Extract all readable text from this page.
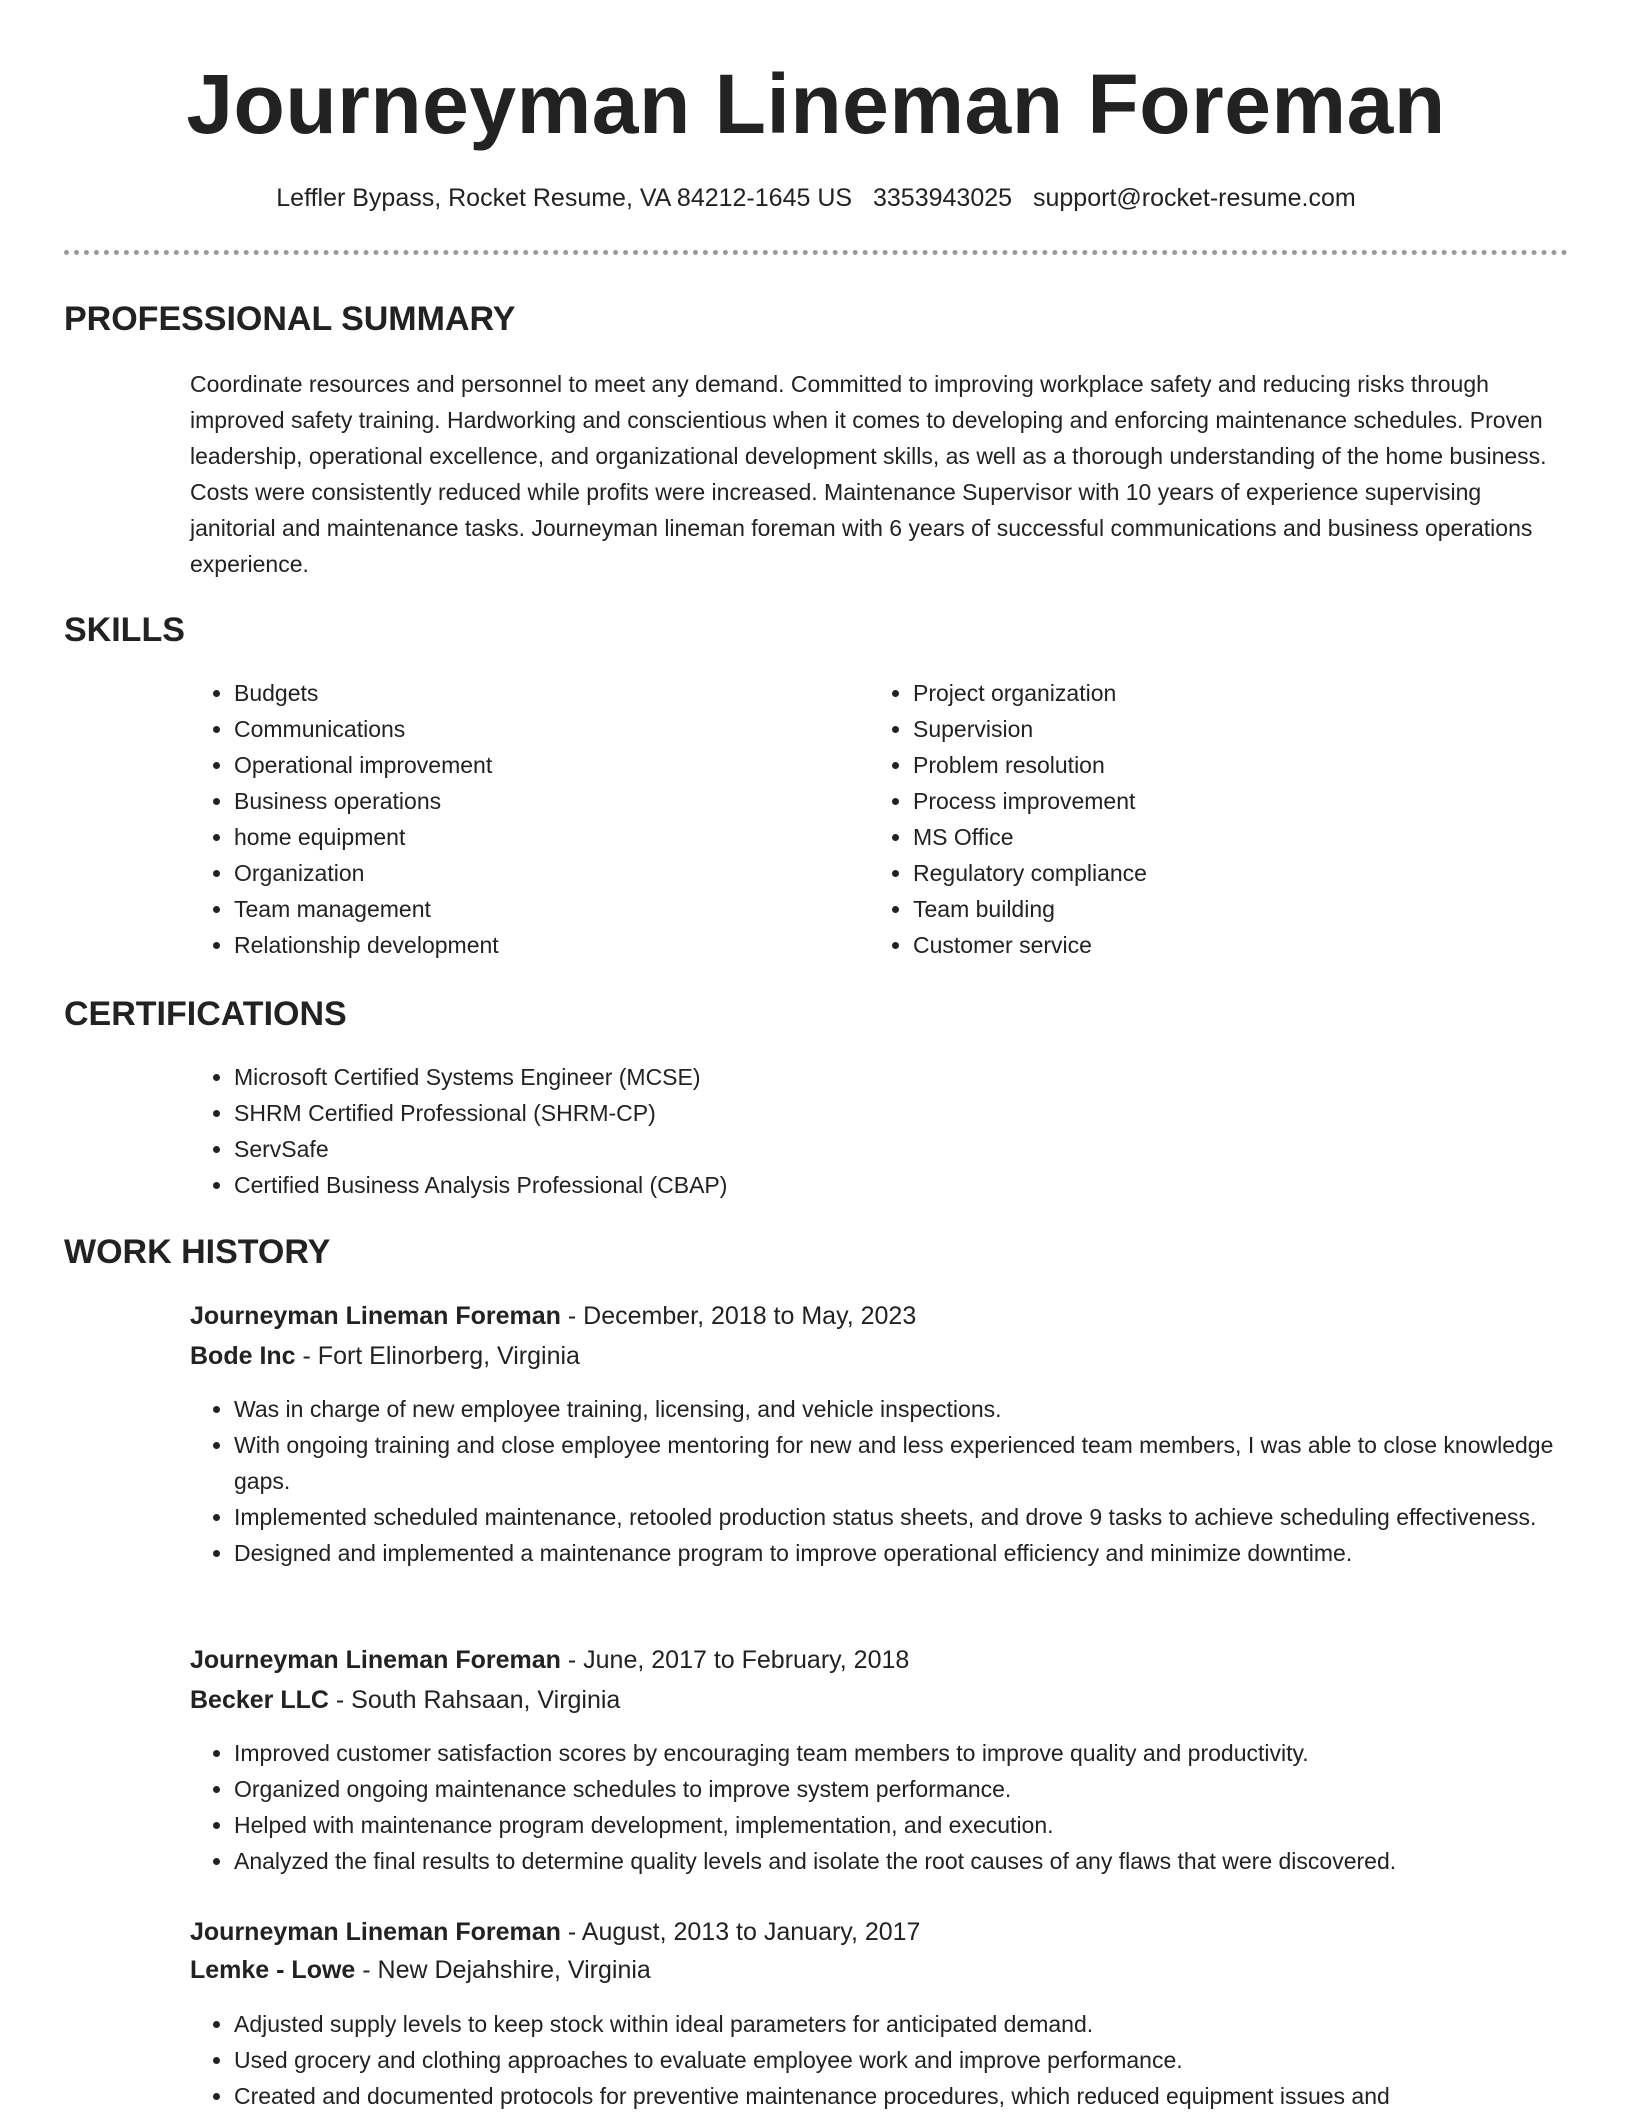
Journeyman Lineman Foreman
Leffler Bypass, Rocket Resume, VA 84212-1645 US 3353943025 support@rocket-resume.com
PROFESSIONAL SUMMARY

Coordinate resources and personnel to meet any demand. Committed to improving workplace safety and reducing risks through improved safety training. Hardworking and conscientious when it comes to developing and enforcing maintenance schedules. Proven leadership, operational excellence, and organizational development skills, as well as a thorough understanding of the home business. Costs were consistently reduced while profits were increased. Maintenance Supervisor with 10 years of experience supervising janitorial and maintenance tasks. Journeyman lineman foreman with 6 years of successful communications and business operations experience.

SKILLS
• Budgets
• Communications
• Operational improvement
• Business operations
• home equipment
• Organization
• Team management
• Relationship development
• Project organization
• Supervision
• Problem resolution
• Process improvement
• MS Office
• Regulatory compliance
• Team building
• Customer service
CERTIFICATIONS
• Microsoft Certified Systems Engineer (MCSE)
• SHRM Certified Professional (SHRM-CP)
• ServSafe
• Certified Business Analysis Professional (CBAP)
WORK HISTORY
Journeyman Lineman Foreman - December, 2018 to May, 2023
Bode Inc - Fort Elinorberg, Virginia
• Was in charge of new employee training, licensing, and vehicle inspections.
• With ongoing training and close employee mentoring for new and less experienced team members, I was able to close knowledge gaps.
• Implemented scheduled maintenance, retooled production status sheets, and drove 9 tasks to achieve scheduling effectiveness.
• Designed and implemented a maintenance program to improve operational efficiency and minimize downtime.
Journeyman Lineman Foreman - June, 2017 to February, 2018
Becker LLC - South Rahsaan, Virginia
• Improved customer satisfaction scores by encouraging team members to improve quality and productivity.
• Organized ongoing maintenance schedules to improve system performance.
• Helped with maintenance program development, implementation, and execution.
• Analyzed the final results to determine quality levels and isolate the root causes of any flaws that were discovered.
Journeyman Lineman Foreman - August, 2013 to January, 2017
Lemke - Lowe - New Dejahshire, Virginia
• Adjusted supply levels to keep stock within ideal parameters for anticipated demand.
• Used grocery and clothing approaches to evaluate employee work and improve performance.
• Created and documented protocols for preventive maintenance procedures, which reduced equipment issues and
